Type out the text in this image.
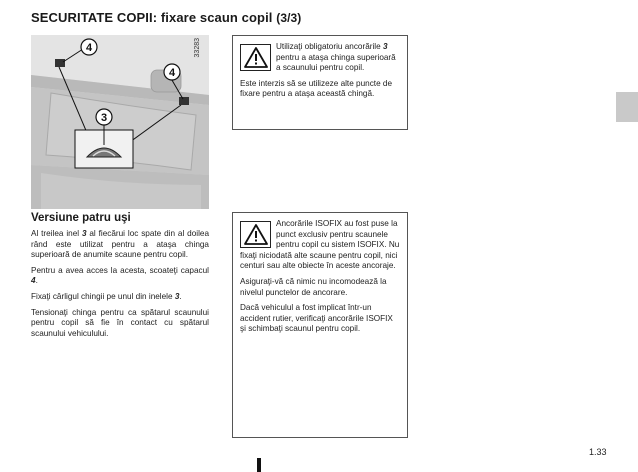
SECURITATE COPII: fixare scaun copil (3/3)
4
4
3
33283
Versiune patru uşi

Al treilea inel 3 al fiecărui loc spate din al doilea rând este utilizat pentru a ataşa chinga superioară de anumite scaune pentru copil.

Pentru a avea acces la acesta, scoateţi capacul 4.

Fixaţi cârligul chingii pe unul din inelele 3.

Tensionaţi chinga pentru ca spătarul scaunului pentru copil să fie în contact cu spătarul scaunului vehiculului.

Utilizaţi obligatoriu ancorările 3 pentru a ataşa chinga superioară a scaunului pentru copil.

Este interzis să se utilizeze alte puncte de fixare pentru a ataşa această chingă.

Ancorările ISOFIX au fost puse la punct exclusiv pentru scaunele pentru copil cu sistem ISOFIX. Nu fixaţi niciodată alte scaune pentru copil, nici centuri sau alte obiecte în aceste ancoraje.

Asiguraţi-vă că nimic nu incomodează la nivelul punctelor de ancorare.

Dacă vehiculul a fost implicat într-un accident rutier, verificaţi ancorările ISOFIX şi schimbaţi scaunul pentru copil.

1.33
